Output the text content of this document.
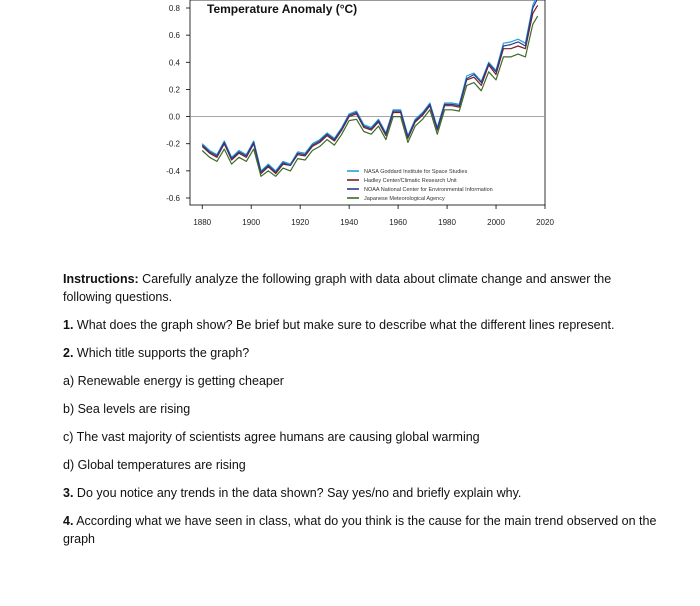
0.8
0.6
0.4
0.2
0.0
-0.2
-0.4
-0.6
1880	1900	1920	1940	1960	1980	2000	2020
Temperature Anomaly (°C)
NASA Goddard Institute for Space Studies
Hadley Center/Climatic Research Unit
NOAA National Center for Environmental Information
Japanese Meteorological Agency

Instructions: Carefully analyze the following graph with data about climate change and answer the following questions.

1. What does the graph show? Be brief but make sure to describe what the different lines represent.

2. Which title supports the graph?

a) Renewable energy is getting cheaper

b) Sea levels are rising

c) The vast majority of scientists agree humans are causing global warming

d) Global temperatures are rising

3. Do you notice any trends in the data shown? Say yes/no and briefly explain why.

4. According what we have seen in class, what do you think is the cause for the main trend observed on the graph
